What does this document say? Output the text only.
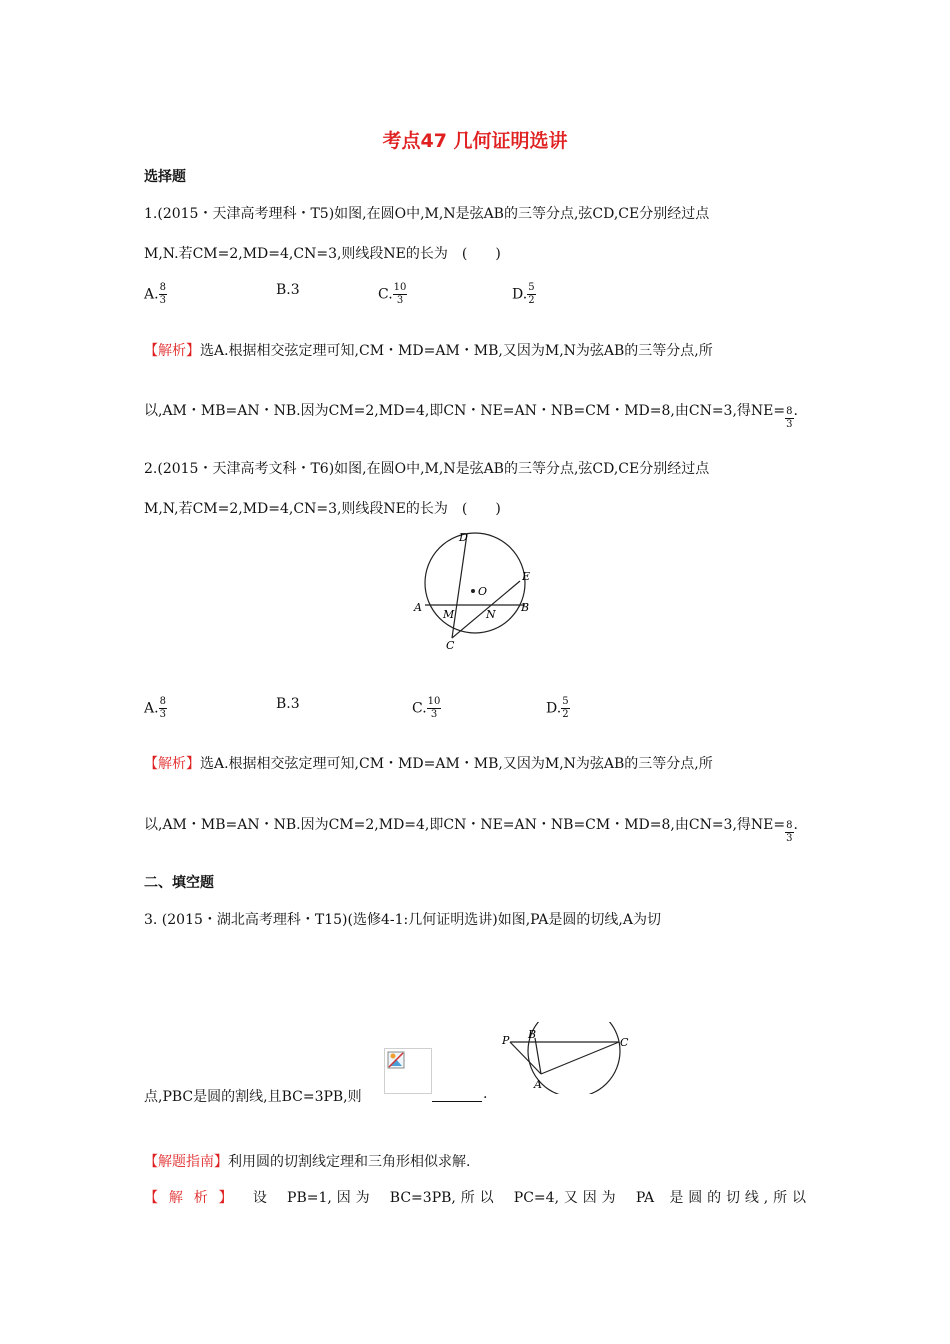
考点47 几何证明选讲
选择题
1.(2015・天津高考理科・T5)如图,在圆O中,M,N是弦AB的三等分点,弦CD,CE分别经过点
M,N.若CM=2,MD=4,CN=3,则线段NE的长为　(　　)
A. $\frac{8}{3}$	B.3	C. $\frac{10}{3}$	D. $\frac{5}{2}$
【解析】选A.根据相交弦定理可知,CM・MD=AM・MB,又因为M,N为弦AB的三等分点,所
以,AM・MB=AN・NB.因为CM=2,MD=4,即CN・NE=AN・NB=CM・MD=8,由CN=3,得$NE= \frac{8}{3}$ .
2.(2015・天津高考文科・T6)如图,在圆O中,M,N是弦AB的三等分点,弦CD,CE分别经过点
M,N,若CM=2,MD=4,CN=3,则线段NE的长为　(　　)
D
E
O
A	B
M	N
C
A. $\frac{8}{3}$	B.3	C. $\frac{10}{3}$	D. $\frac{5}{2}$
【解析】选A.根据相交弦定理可知,CM・MD=AM・MB,又因为M,N为弦AB的三等分点,所
以,AM・MB=AN・NB.因为CM=2,MD=4,即CN・NE=AN・NB=CM・MD=8,由CN=3,得$NE= \frac{8}{3}$ .
二、填空题
3. (2015・湖北高考理科・T15)(选修4-1:几何证明选讲)如图,PA是圆的切线,A为切
P B
C
A
点,PBC是圆的割线,且BC=3PB,则	.
【解题指南】利用圆的切割线定理和三角形相似求解.
【解析】 设 PB=1,因为 BC=3PB,所以 PC=4,又因为 PA 是圆的切线,所以
